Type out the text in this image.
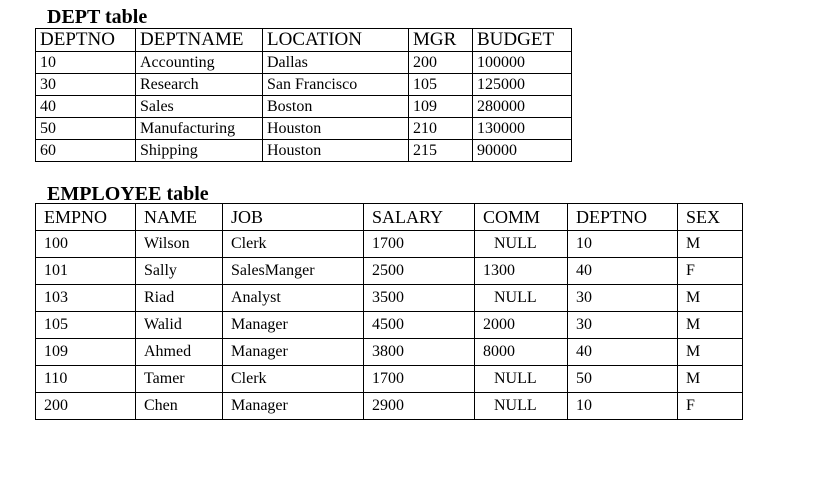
DEPT table
DEPTNO	DEPTNAME	LOCATION	MGR	BUDGET
10	Accounting	Dallas	200	100000
30	Research	San Francisco	105	125000
40	Sales	Boston	109	280000
50	Manufacturing	Houston	210	130000
60	Shipping	Houston	215	90000
EMPLOYEE table
EMPNO	NAME	JOB	SALARY	COMM	DEPTNO	SEX
100	Wilson	Clerk	1700	NULL	10	M
101	Sally	SalesManger	2500	1300	40	F
103	Riad	Analyst	3500	NULL	30	M
105	Walid	Manager	4500	2000	30	M
109	Ahmed	Manager	3800	8000	40	M
110	Tamer	Clerk	1700	NULL	50	M
200	Chen	Manager	2900	NULL	10	F
